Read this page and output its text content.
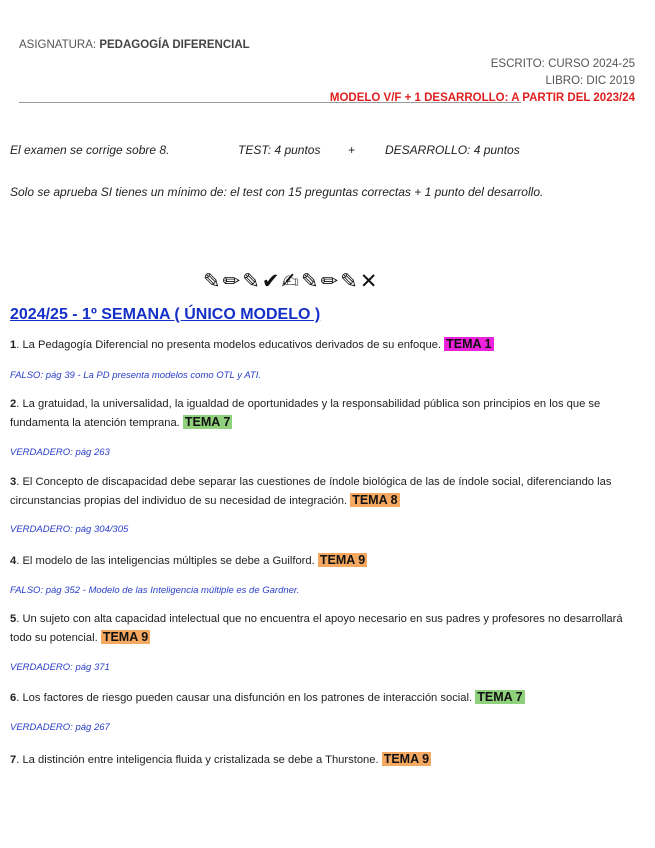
ASIGNATURA: PEDAGOGÍA DIFERENCIAL
ESCRITO: CURSO 2024-25
LIBRO: DIC 2019
MODELO V/F + 1 DESARROLLO: A PARTIR DEL 2023/24
El examen se corrige sobre 8.	TEST: 4 puntos + DESARROLLO: 4 puntos
Solo se aprueba SI tienes un mínimo de: el test con 15 preguntas correctas + 1 punto del desarrollo.
✎ ✏ ✎ ✔ ✍ ✎ ✏ ✎ ✕
2024/25 - 1º SEMANA ( ÚNICO MODELO )
1. La Pedagogía Diferencial no presenta modelos educativos derivados de su enfoque. TEMA 1
FALSO: pág 39 - La PD presenta modelos como OTL y ATI.
2. La gratuidad, la universalidad, la igualdad de oportunidades y la responsabilidad pública son principios en los que se fundamenta la atención temprana. TEMA 7
VERDADERO: pág 263
3. El Concepto de discapacidad debe separar las cuestiones de índole biológica de las de índole social, diferenciando las circunstancias propias del individuo de su necesidad de integración. TEMA 8
VERDADERO: pág 304/305
4. El modelo de las inteligencias múltiples se debe a Guilford. TEMA 9
FALSO: pág 352 - Modelo de las Inteligencia múltiple es de Gardner.
5. Un sujeto con alta capacidad intelectual que no encuentra el apoyo necesario en sus padres y profesores no desarrollará todo su potencial. TEMA 9
VERDADERO: pág 371
6. Los factores de riesgo pueden causar una disfunción en los patrones de interacción social. TEMA 7
VERDADERO: pág 267
7. La distinción entre inteligencia fluida y cristalizada se debe a Thurstone. TEMA 9
